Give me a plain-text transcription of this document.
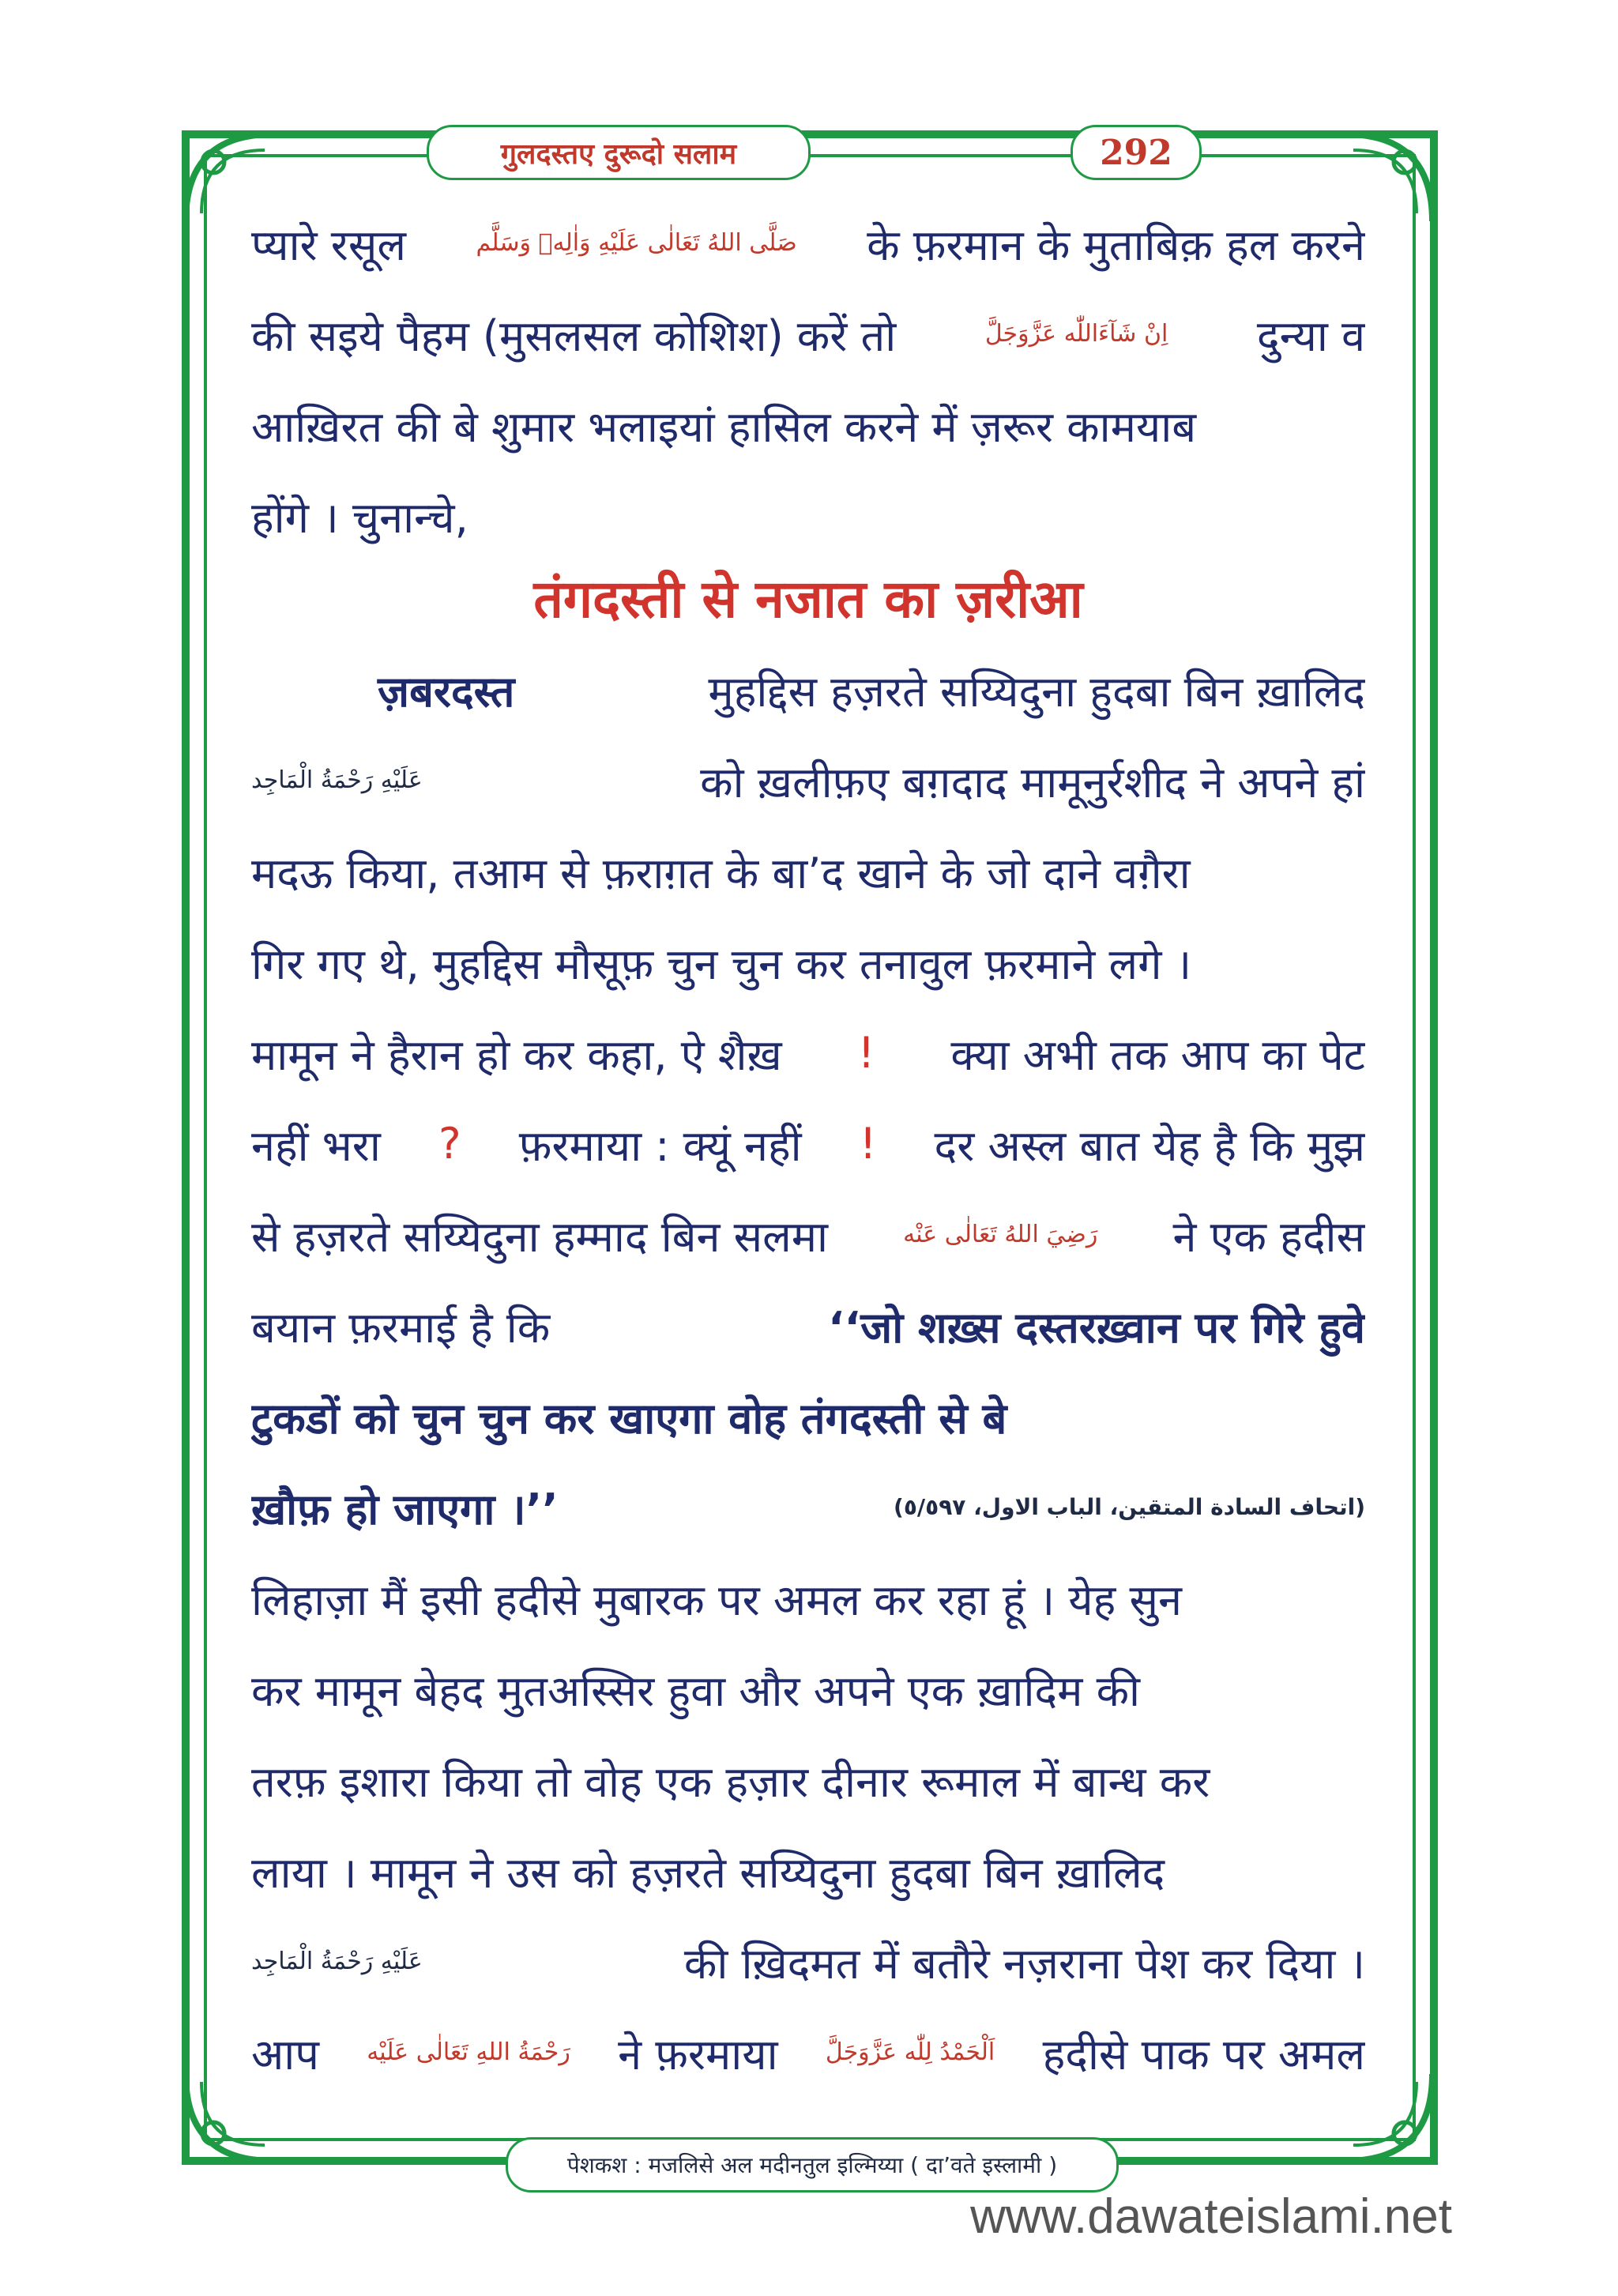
गुलदस्तए दुरूदो सलाम	292
प्यारे रसूल	صَلَّى اللهُ تَعَالٰى عَلَيْهِ وَاٰلِهٖ وَسَلَّم के फ़रमान के मुताबिक़ हल करने
की सइये पैहम (मुसलसल कोशिश) करें तो	اِنْ شَآءَاللّٰه عَزَّوَجَلَّ दुन्या व
आख़िरत की बे शुमार भलाइयां हासिल करने में ज़रूर कामयाब
होंगे । चुनान्चे,
तंगदस्ती से नजात का ज़रीआ
ज़बरदस्त	मुहद्दिस हज़रते सय्यिदुना हुदबा बिन ख़ालिद
عَلَيْهِ رَحْمَةُ الْمَاجِد	को ख़लीफ़ए बग़दाद मामूनुर्रशीद ने अपने हां
मदऊ किया, तआम से फ़राग़त के बा’द खाने के जो दाने वग़ैरा
गिर गए थे, मुहद्दिस मौसूफ़ चुन चुन कर तनावुल फ़रमाने लगे ।
मामून ने हैरान हो कर कहा, ऐ शैख़ ! क्या अभी तक आप का पेट
नहीं भरा ? फ़रमाया : क्यूं नहीं ! दर अस्ल बात येह है कि मुझ
से हज़रते सय्यिदुना हम्माद बिन सलमा	رَضِيَ اللهُ تَعَالٰى عَنْه ने एक हदीस
बयान फ़रमाई है कि	‘‘जो शख़्स दस्तरख़्वान पर गिरे हुवे
टुकडों को चुन चुन कर खाएगा वोह तंगदस्ती से बे
ख़ौफ़ हो जाएगा ।’’	(اتحاف السادة المتقين، الباب الاول، ٥/٥٩٧)
लिहाज़ा मैं इसी हदीसे मुबारक पर अमल कर रहा हूं । येह सुन
कर मामून बेहद मुतअस्सिर हुवा और अपने एक ख़ादिम की
तरफ़ इशारा किया तो वोह एक हज़ार दीनार रूमाल में बान्ध कर
लाया । मामून ने उस को हज़रते सय्यिदुना हुदबा बिन ख़ालिद
عَلَيْهِ رَحْمَةُ الْمَاجِد	की ख़िदमत में बतौरे नज़राना पेश कर दिया ।
आप رَحْمَةُ اللهِ تَعَالٰى عَلَيْه ने फ़रमाया اَلْحَمْدُ لِلّٰه عَزَّوَجَلَّ हदीसे पाक पर अमल
पेशकश : मजलिसे अल मदीनतुल इल्मिय्या ( दा’वते इस्लामी )
www.dawateislami.net
